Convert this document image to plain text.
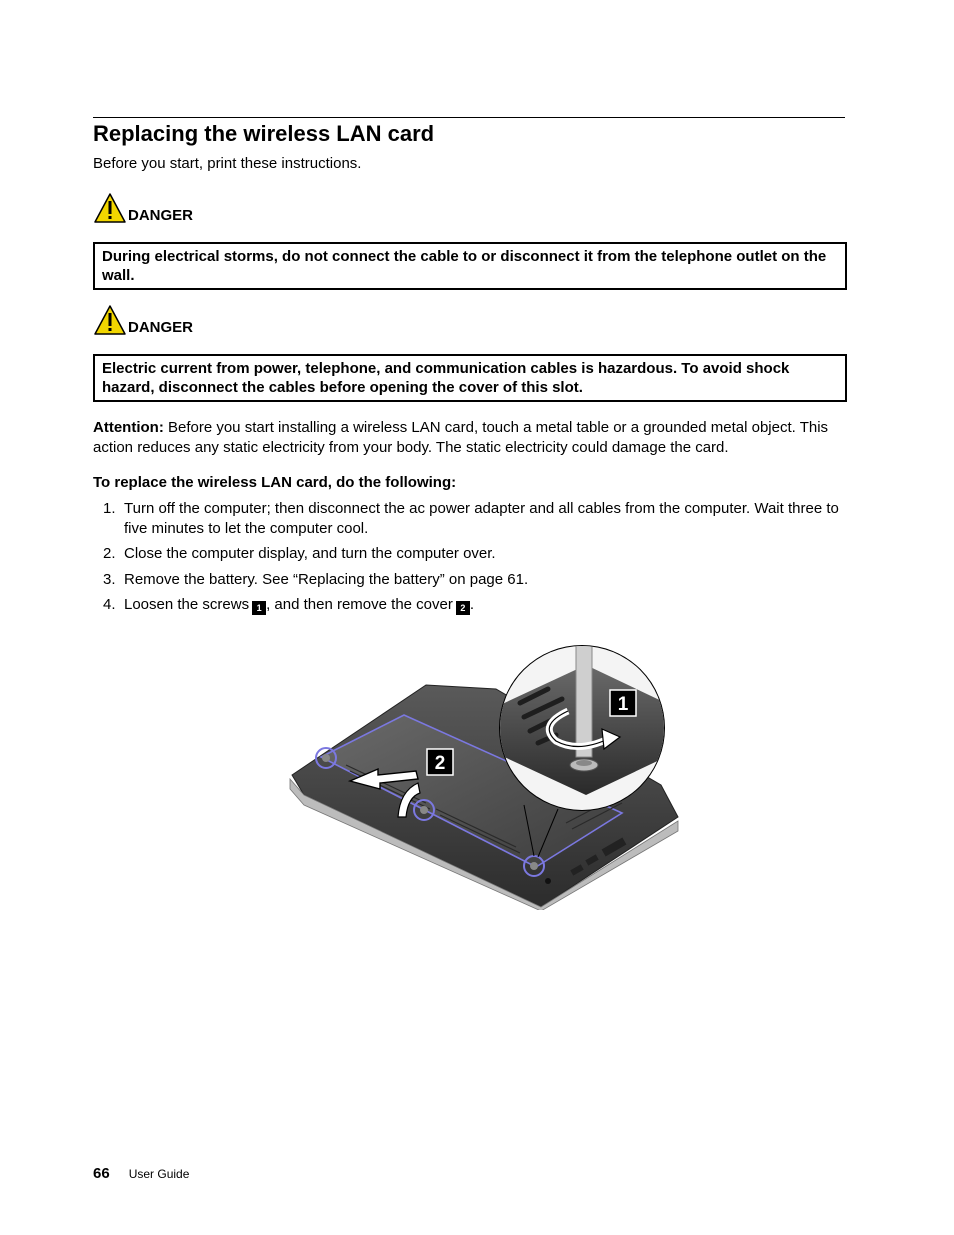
Replacing the wireless LAN card

Before you start, print these instructions.

DANGER
During electrical storms, do not connect the cable to or disconnect it from the telephone outlet on the wall.
DANGER
Electric current from power, telephone, and communication cables is hazardous. To avoid shock hazard, disconnect the cables before opening the cover of this slot.

Attention: Before you start installing a wireless LAN card, touch a metal table or a grounded metal object. This action reduces any static electricity from your body. The static electricity could damage the card.

To replace the wireless LAN card, do the following:

1. Turn off the computer; then disconnect the ac power adapter and all cables from the computer. Wait three to five minutes to let the computer cool.
2. Close the computer display, and turn the computer over.
3. Remove the battery. See “Replacing the battery” on page 61.
4. Loosen the screws 1 , and then remove the cover 2 .
1
2
66 User Guide
